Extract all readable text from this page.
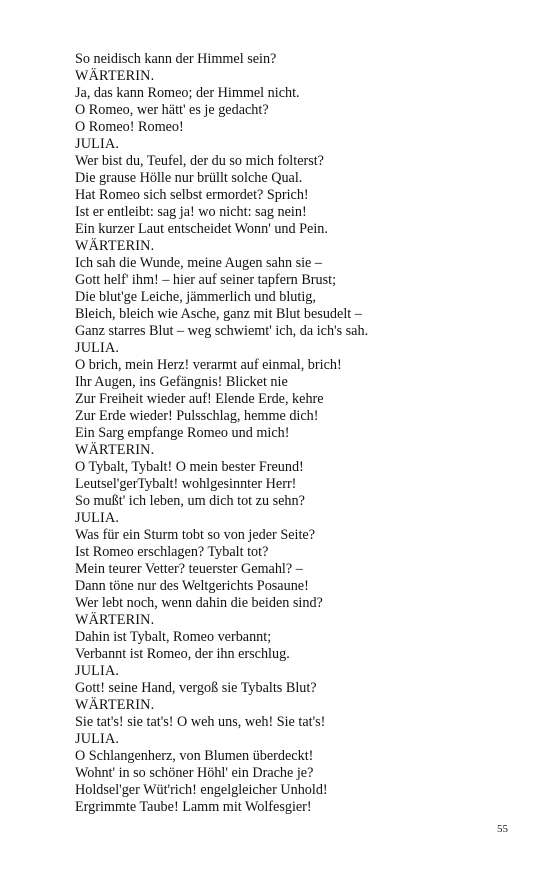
So neidisch kann der Himmel sein?
WÄRTERIN.
Ja, das kann Romeo; der Himmel nicht.
O Romeo, wer hätt' es je gedacht?
O Romeo! Romeo!
JULIA.
Wer bist du, Teufel, der du so mich folterst?
Die grause Hölle nur brüllt solche Qual.
Hat Romeo sich selbst ermordet? Sprich!
Ist er entleibt: sag ja! wo nicht: sag nein!
Ein kurzer Laut entscheidet Wonn' und Pein.
WÄRTERIN.
Ich sah die Wunde, meine Augen sahn sie –
Gott helf' ihm! – hier auf seiner tapfern Brust;
Die blut'ge Leiche, jämmerlich und blutig,
Bleich, bleich wie Asche, ganz mit Blut besudelt –
Ganz starres Blut – weg schwiemt' ich, da ich's sah.
JULIA.
O brich, mein Herz! verarmt auf einmal, brich!
Ihr Augen, ins Gefängnis! Blicket nie
Zur Freiheit wieder auf! Elende Erde, kehre
Zur Erde wieder! Pulsschlag, hemme dich!
Ein Sarg empfange Romeo und mich!
WÄRTERIN.
O Tybalt, Tybalt! O mein bester Freund!
Leutsel'gerTybalt! wohlgesinnter Herr!
So mußt' ich leben, um dich tot zu sehn?
JULIA.
Was für ein Sturm tobt so von jeder Seite?
Ist Romeo erschlagen? Tybalt tot?
Mein teurer Vetter? teuerster Gemahl? –
Dann töne nur des Weltgerichts Posaune!
Wer lebt noch, wenn dahin die beiden sind?
WÄRTERIN.
Dahin ist Tybalt, Romeo verbannt;
Verbannt ist Romeo, der ihn erschlug.
JULIA.
Gott! seine Hand, vergoß sie Tybalts Blut?
WÄRTERIN.
Sie tat's! sie tat's! O weh uns, weh! Sie tat's!
JULIA.
O Schlangenherz, von Blumen überdeckt!
Wohnt' in so schöner Höhl' ein Drache je?
Holdsel'ger Wüt'rich! engelgleicher Unhold!
Ergrimmte Taube! Lamm mit Wolfesgier!
55
